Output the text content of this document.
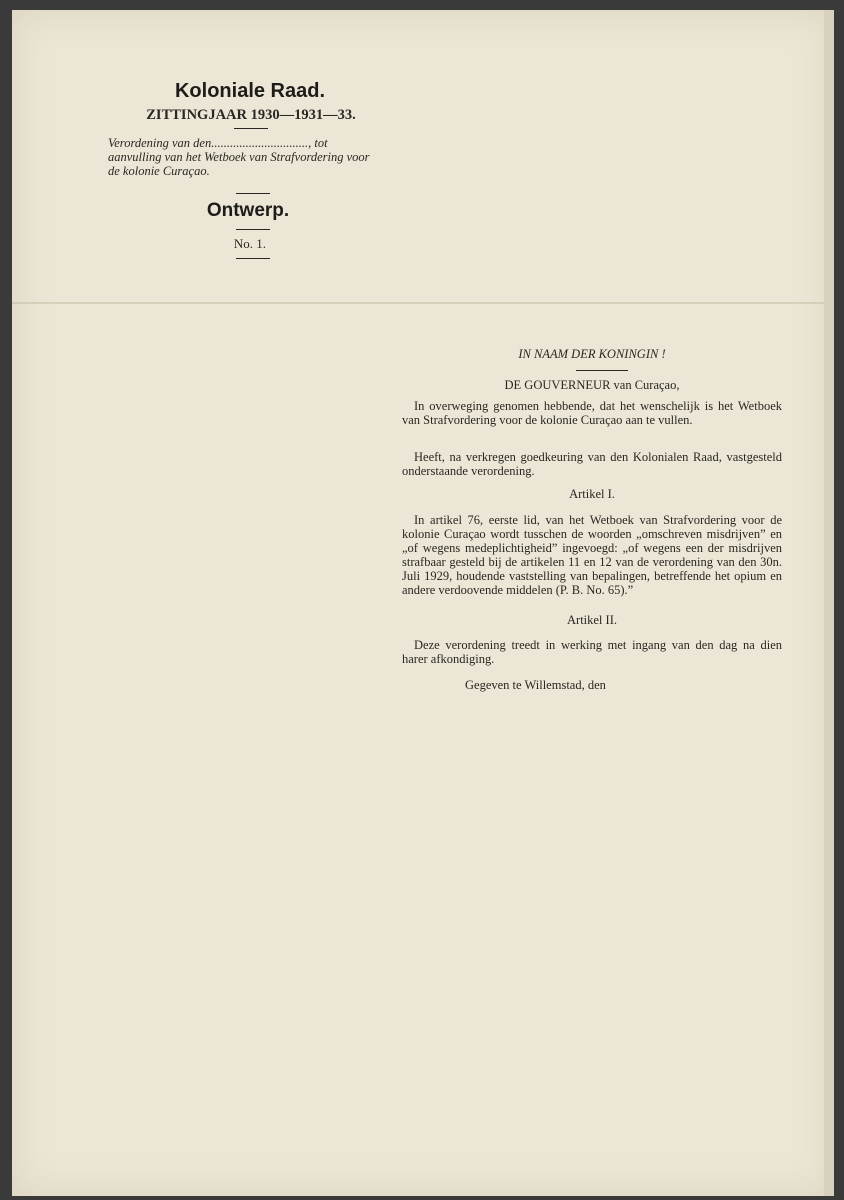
Koloniale Raad.
ZITTINGJAAR 1930—1931—33.
Verordening van den..............................., tot aanvulling van het Wetboek van Strafvordering voor de kolonie Curaçao.
Ontwerp.
No. 1.
IN NAAM DER KONINGIN !
DE GOUVERNEUR van Curaçao,
In overweging genomen hebbende, dat het wenschelijk is het Wetboek van Strafvordering voor de kolonie Curaçao aan te vullen.
Heeft, na verkregen goedkeuring van den Kolonialen Raad, vastgesteld onderstaande verordening.
Artikel I.
In artikel 76, eerste lid, van het Wetboek van Strafvordering voor de kolonie Curaçao wordt tusschen de woorden „omschreven misdrijven” en „of wegens medeplichtigheid” ingevoegd: „of wegens een der misdrijven strafbaar gesteld bij de artikelen 11 en 12 van de verordening van den 30n. Juli 1929, houdende vaststelling van bepalingen, betreffende het opium en andere verdoovende middelen (P. B. No. 65).”
Artikel II.
Deze verordening treedt in werking met ingang van den dag na dien harer afkondiging.
Gegeven te Willemstad, den
